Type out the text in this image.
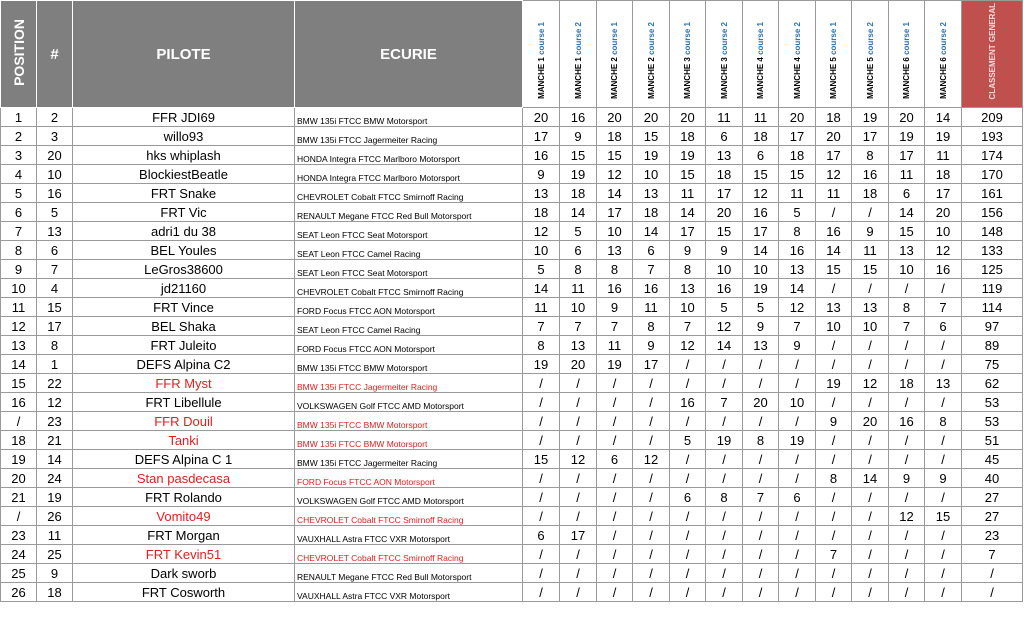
POSITION	#	PILOTE	ECURIE	MANCHE 1 course 1	MANCHE 1 course 2	MANCHE 2 course 1	MANCHE 2 course 2	MANCHE 3 course 1	MANCHE 3 course 2	MANCHE 4 course 1	MANCHE 4 course 2	MANCHE 5 course 1	MANCHE 5 course 2	MANCHE 6 course 1	MANCHE 6 course 2	CLASSEMENT GENERAL
1	2	FFR JDI69	BMW 135i FTCC BMW Motorsport	20	16	20	20	20	11	11	20	18	19	20	14	209
2	3	willo93	BMW 135i FTCC Jagermeiter Racing	17	9	18	15	18	6	18	17	20	17	19	19	193
3	20	hks whiplash	HONDA Integra FTCC Marlboro Motorsport	16	15	15	19	19	13	6	18	17	8	17	11	174
4	10	BlockiestBeatle	HONDA Integra FTCC Marlboro Motorsport	9	19	12	10	15	18	15	15	12	16	11	18	170
5	16	FRT Snake	CHEVROLET Cobalt FTCC Smirnoff Racing	13	18	14	13	11	17	12	11	11	18	6	17	161
6	5	FRT Vic	RENAULT Megane FTCC Red Bull Motorsport	18	14	17	18	14	20	16	5	/	/	14	20	156
7	13	adri1 du 38	SEAT Leon FTCC Seat Motorsport	12	5	10	14	17	15	17	8	16	9	15	10	148
8	6	BEL Youles	SEAT Leon FTCC Camel Racing	10	6	13	6	9	9	14	16	14	11	13	12	133
9	7	LeGros38600	SEAT Leon FTCC Seat Motorsport	5	8	8	7	8	10	10	13	15	15	10	16	125
10	4	jd21160	CHEVROLET Cobalt FTCC Smirnoff Racing	14	11	16	16	13	16	19	14	/	/	/	/	119
11	15	FRT Vince	FORD Focus FTCC AON Motorsport	11	10	9	11	10	5	5	12	13	13	8	7	114
12	17	BEL Shaka	SEAT Leon FTCC Camel Racing	7	7	7	8	7	12	9	7	10	10	7	6	97
13	8	FRT Juleito	FORD Focus FTCC AON Motorsport	8	13	11	9	12	14	13	9	/	/	/	/	89
14	1	DEFS Alpina C2	BMW 135i FTCC BMW Motorsport	19	20	19	17	/	/	/	/	/	/	/	/	75
15	22	FFR Myst	BMW 135i FTCC Jagermeiter Racing	/	/	/	/	/	/	/	/	19	12	18	13	62
16	12	FRT Libellule	VOLKSWAGEN Golf FTCC AMD Motorsport	/	/	/	/	16	7	20	10	/	/	/	/	53
/	23	FFR Douil	BMW 135i FTCC BMW Motorsport	/	/	/	/	/	/	/	/	9	20	16	8	53
18	21	Tanki	BMW 135i FTCC BMW Motorsport	/	/	/	/	5	19	8	19	/	/	/	/	51
19	14	DEFS Alpina C 1	BMW 135i FTCC Jagermeiter Racing	15	12	6	12	/	/	/	/	/	/	/	/	45
20	24	Stan pasdecasa	FORD Focus FTCC AON Motorsport	/	/	/	/	/	/	/	/	8	14	9	9	40
21	19	FRT Rolando	VOLKSWAGEN Golf FTCC AMD Motorsport	/	/	/	/	6	8	7	6	/	/	/	/	27
/	26	Vomito49	CHEVROLET Cobalt FTCC Smirnoff Racing	/	/	/	/	/	/	/	/	/	/	12	15	27
23	11	FRT Morgan	VAUXHALL Astra FTCC VXR Motorsport	6	17	/	/	/	/	/	/	/	/	/	/	23
24	25	FRT Kevin51	CHEVROLET Cobalt FTCC Smirnoff Racing	/	/	/	/	/	/	/	/	7	/	/	/	7
25	9	Dark sworb	RENAULT Megane FTCC Red Bull Motorsport	/	/	/	/	/	/	/	/	/	/	/	/	/
26	18	FRT Cosworth	VAUXHALL Astra FTCC VXR Motorsport	/	/	/	/	/	/	/	/	/	/	/	/	/
